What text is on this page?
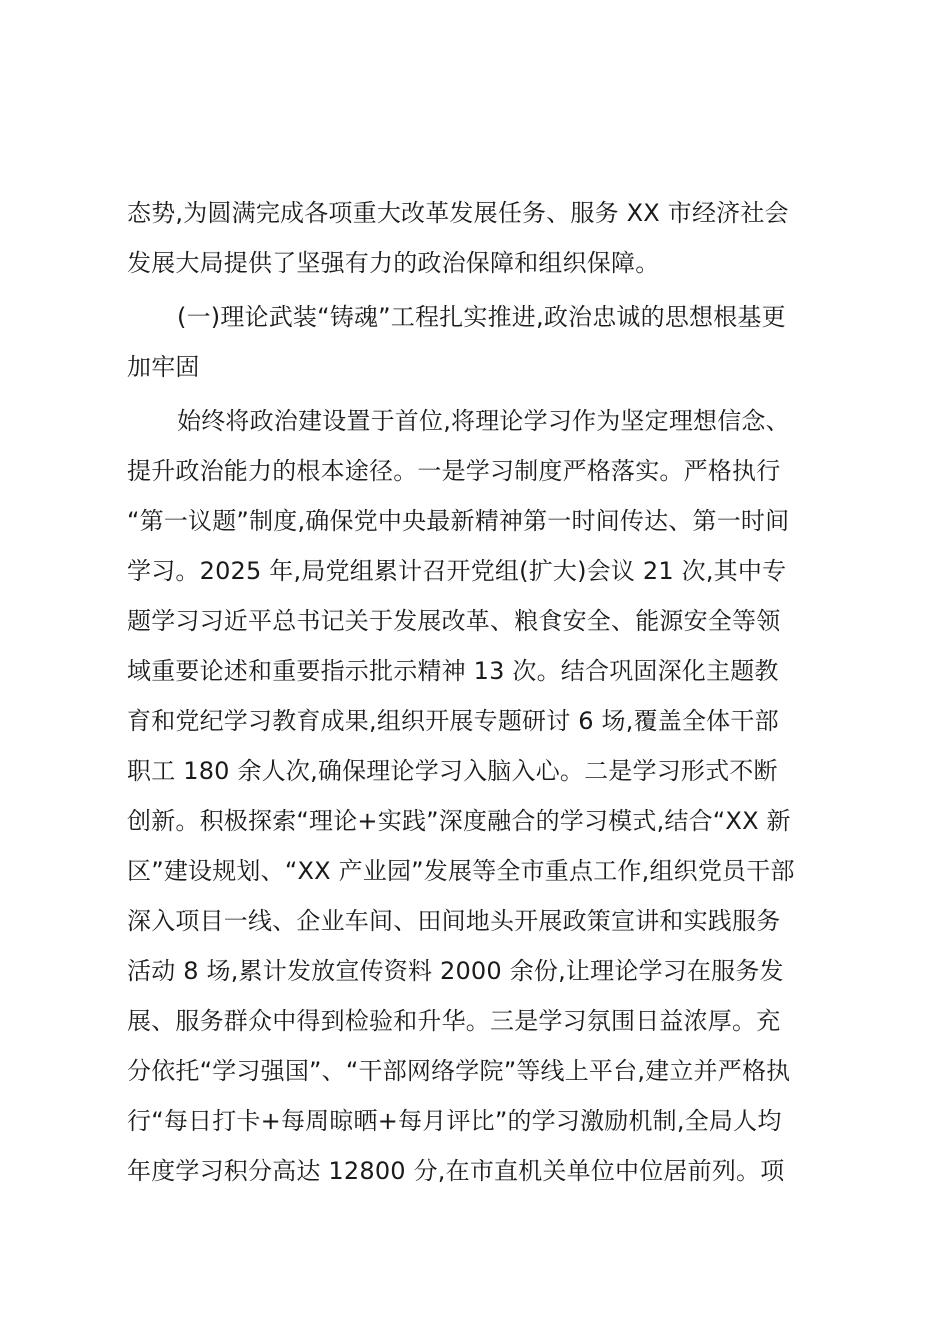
态势,为圆满完成各项重大改革发展任务、服务 XX 市经济社会
发展大局提供了坚强有力的政治保障和组织保障。
(一)理论武装“铸魂”工程扎实推进,政治忠诚的思想根基更
加牢固
始终将政治建设置于首位,将理论学习作为坚定理想信念、
提升政治能力的根本途径。一是学习制度严格落实。严格执行
“第一议题”制度,确保党中央最新精神第一时间传达、第一时间
学习。2025 年,局党组累计召开党组(扩大)会议 21 次,其中专
题学习习近平总书记关于发展改革、粮食安全、能源安全等领
域重要论述和重要指示批示精神 13 次。结合巩固深化主题教
育和党纪学习教育成果,组织开展专题研讨 6 场,覆盖全体干部
职工 180 余人次,确保理论学习入脑入心。二是学习形式不断
创新。积极探索“理论+实践”深度融合的学习模式,结合“XX 新
区”建设规划、“XX 产业园”发展等全市重点工作,组织党员干部
深入项目一线、企业车间、田间地头开展政策宣讲和实践服务
活动 8 场,累计发放宣传资料 2000 余份,让理论学习在服务发
展、服务群众中得到检验和升华。三是学习氛围日益浓厚。充
分依托“学习强国”、“干部网络学院”等线上平台,建立并严格执
行“每日打卡+每周晾晒+每月评比”的学习激励机制,全局人均
年度学习积分高达 12800 分,在市直机关单位中位居前列。项
